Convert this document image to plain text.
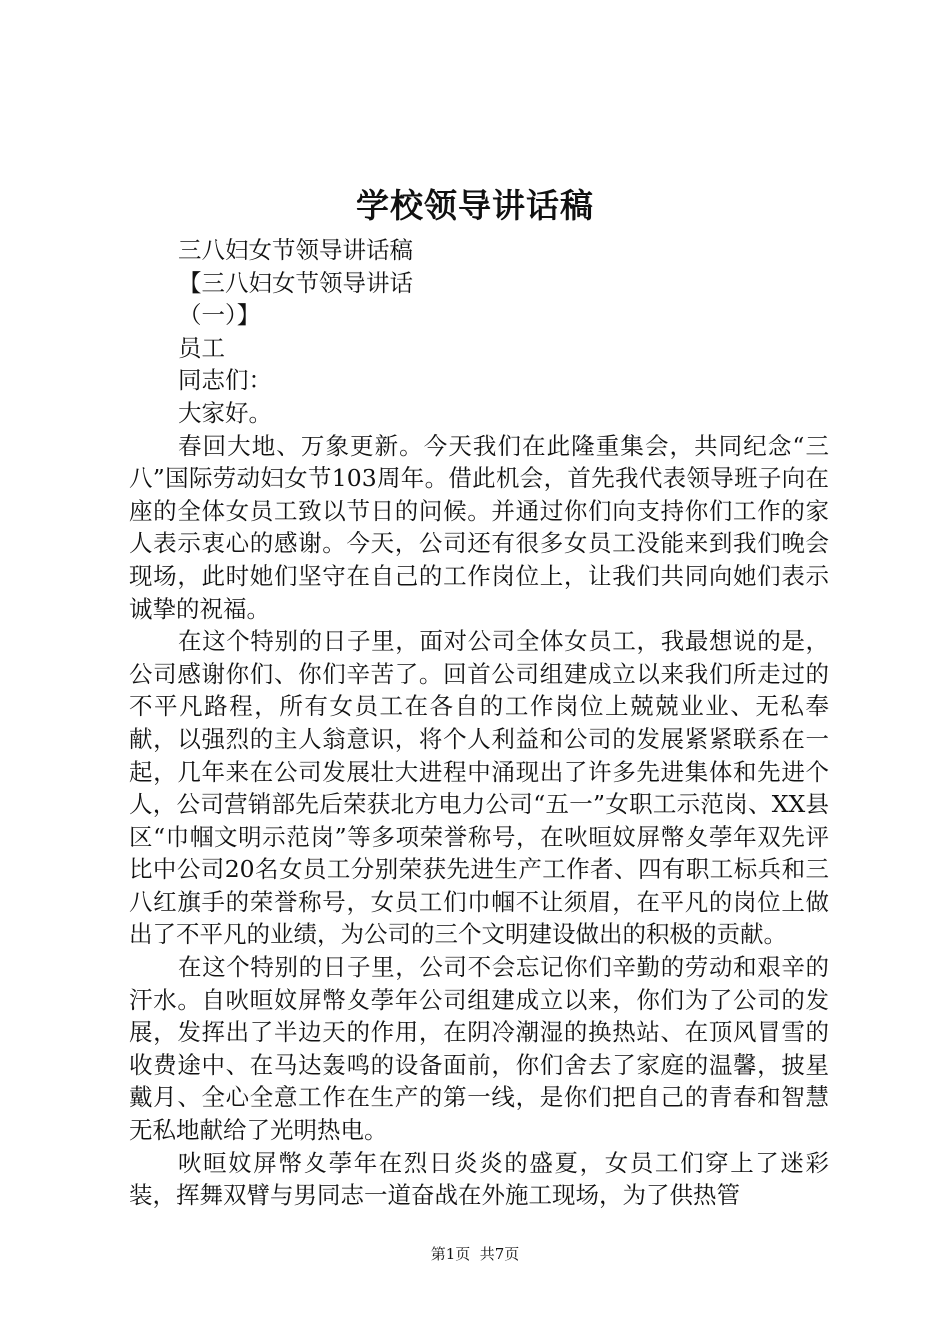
学校领导讲话稿
三八妇女节领导讲话稿
【三八妇女节领导讲话
（一）】
员工
同志们：
大家好。

春回大地、万象更新。今天我们在此隆重集会，共同纪念“三八”国际劳动妇女节103周年。借此机会，首先我代表领导班子向在座的全体女员工致以节日的问候。并通过你们向支持你们工作的家人表示衷心的感谢。今天，公司还有很多女员工没能来到我们晚会现场，此时她们坚守在自己的工作岗位上，让我们共同向她们表示诚挚的祝福。

在这个特别的日子里，面对公司全体女员工，我最想说的是，公司感谢你们、你们辛苦了。回首公司组建成立以来我们所走过的不平凡路程，所有女员工在各自的工作岗位上兢兢业业、无私奉献，以强烈的主人翁意识，将个人利益和公司的发展紧紧联系在一起，几年来在公司发展壮大进程中涌现出了许多先进集体和先进个人，公司营销部先后荣获北方电力公司“五一”女职工示范岗、XX县区“巾帼文明示范岗”等多项荣誉称号，在吙晅妏屏幣夊荸年双先评比中公司20名女员工分别荣获先进生产工作者、四有职工标兵和三八红旗手的荣誉称号，女员工们巾帼不让须眉，在平凡的岗位上做出了不平凡的业绩，为公司的三个文明建设做出的积极的贡献。

在这个特别的日子里，公司不会忘记你们辛勤的劳动和艰辛的汗水。自吙晅妏屏幣夊荸年公司组建成立以来，你们为了公司的发展，发挥出了半边天的作用，在阴冷潮湿的换热站、在顶风冒雪的收费途中、在马达轰鸣的设备面前，你们舍去了家庭的温馨，披星戴月、全心全意工作在生产的第一线，是你们把自己的青春和智慧无私地献给了光明热电。

吙晅妏屏幣夊荸年在烈日炎炎的盛夏，女员工们穿上了迷彩装，挥舞双臂与男同志一道奋战在外施工现场，为了供热管

第1页  共7页
